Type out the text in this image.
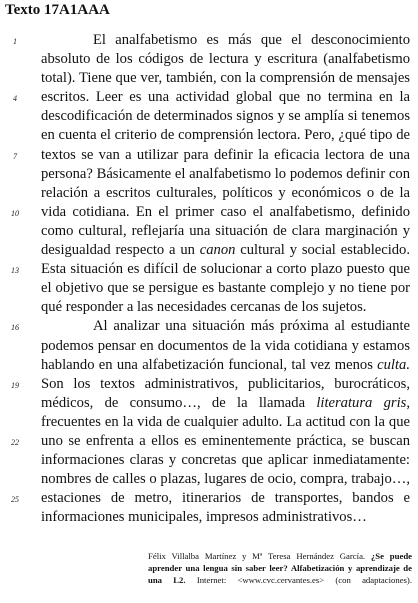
Texto 17A1AAA
1	El analfabetismo es más que el desconocimiento
absoluto de los códigos de lectura y escritura (analfabetismo
total). Tiene que ver, también, con la comprensión de mensajes
4	escritos. Leer es una actividad global que no termina en la
descodificación de determinados signos y se amplía si tenemos
en cuenta el criterio de comprensión lectora. Pero, ¿qué tipo de
7	textos se van a utilizar para definir la eficacia lectora de una
persona? Básicamente el analfabetismo lo podemos definir con
relación a escritos culturales, políticos y económicos o de la
10	vida cotidiana. En el primer caso el analfabetismo, definido
como cultural, reflejaría una situación de clara marginación y
desigualdad respecto a un canon cultural y social establecido.
13	Esta situación es difícil de solucionar a corto plazo puesto que
el objetivo que se persigue es bastante complejo y no tiene por
qué responder a las necesidades cercanas de los sujetos.
16	Al analizar una situación más próxima al estudiante
podemos pensar en documentos de la vida cotidiana y estamos
hablando en una alfabetización funcional, tal vez menos culta.
19	Son los textos administrativos, publicitarios, burocráticos,
médicos, de consumo…, de la llamada literatura gris,
frecuentes en la vida de cualquier adulto. La actitud con la que
22	uno se enfrenta a ellos es eminentemente práctica, se buscan
informaciones claras y concretas que aplicar inmediatamente:
nombres de calles o plazas, lugares de ocio, compra, trabajo…,
25	estaciones de metro, itinerarios de transportes, bandos e
informaciones municipales, impresos administrativos…
Félix Villalba Martínez y Mª Teresa Hernández García. ¿Se puede aprender una lengua sin saber leer? Alfabetización y aprendizaje de una L2. Internet: <www.cvc.cervantes.es> (con adaptaciones).
